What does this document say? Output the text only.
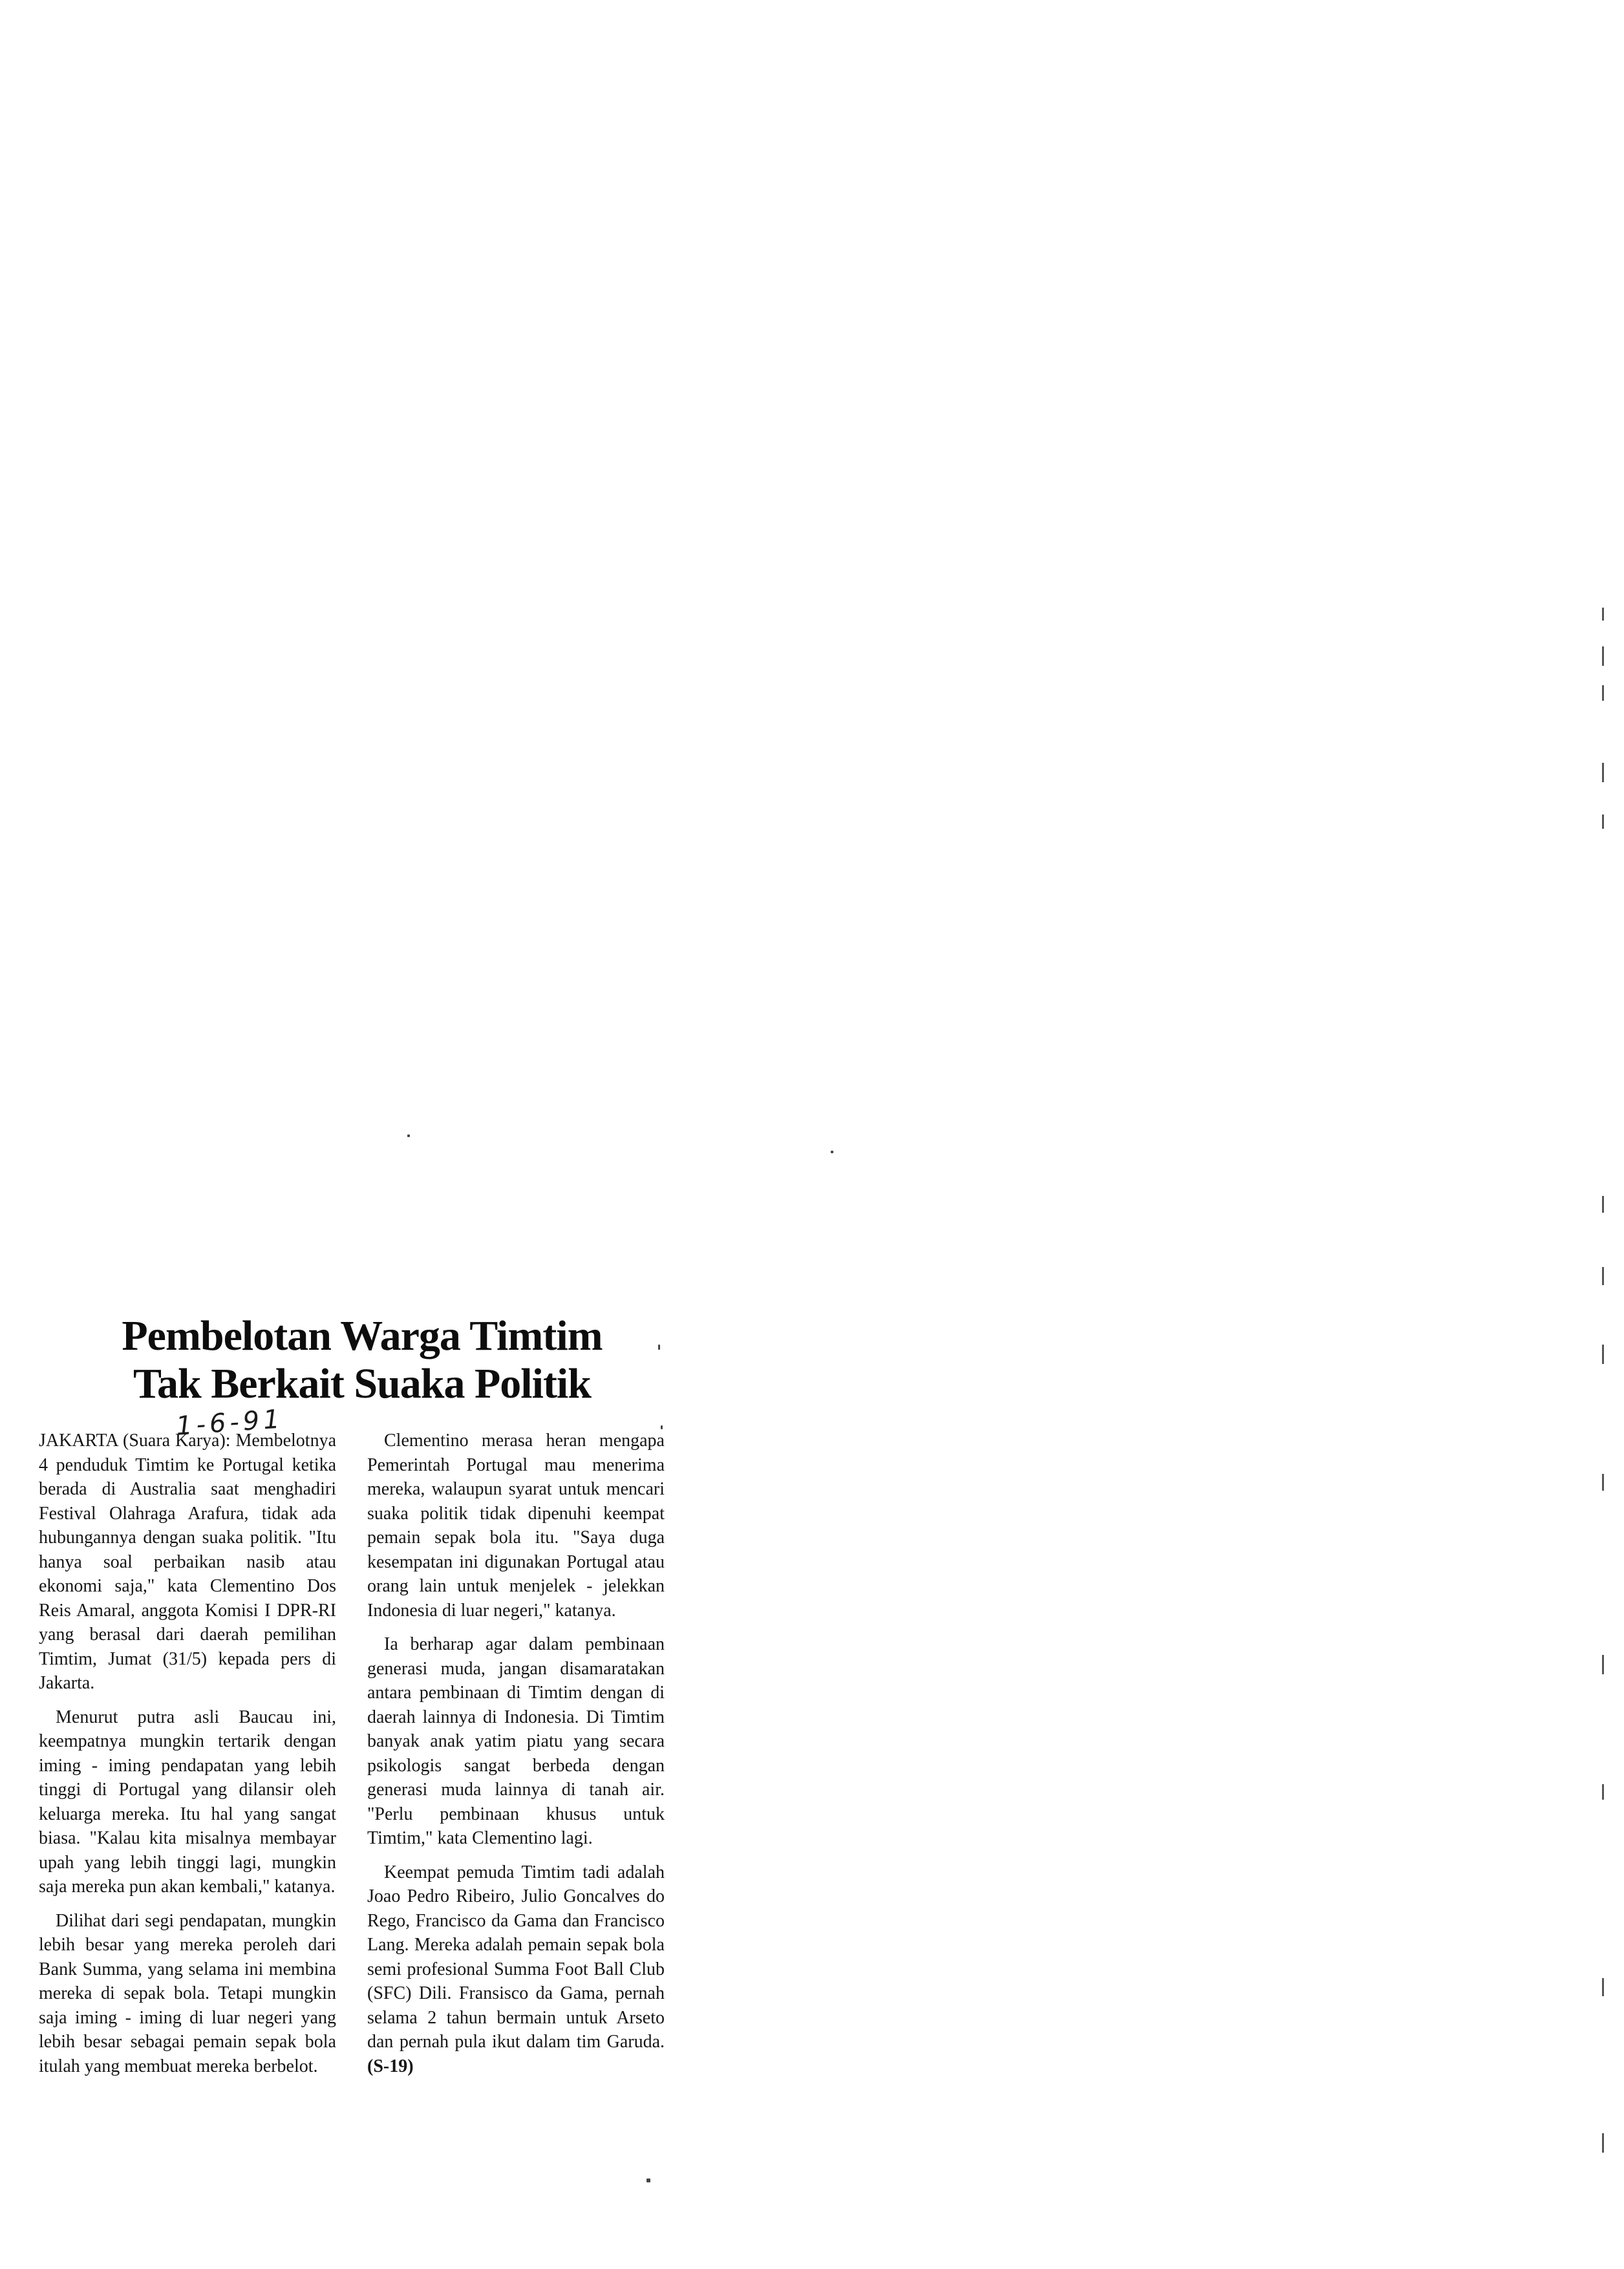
Pembelotan Warga Timtim
Tak Berkait Suaka Politik
1-6-91

JAKARTA (Suara Karya): Membelotnya 4 penduduk Timtim ke Portugal ketika berada di Australia saat menghadiri Festival Olahraga Arafura, tidak ada hubungannya dengan suaka politik. "Itu hanya soal perbaikan nasib atau ekonomi saja," kata Clementino Dos Reis Amaral, anggota Komisi I DPR-RI yang berasal dari daerah pemilihan Timtim, Jumat (31/5) kepada pers di Jakarta.

Menurut putra asli Baucau ini, keempatnya mungkin tertarik dengan iming - iming pendapatan yang lebih tinggi di Portugal yang dilansir oleh keluarga mereka. Itu hal yang sangat biasa. "Kalau kita misalnya membayar upah yang lebih tinggi lagi, mungkin saja mereka pun akan kembali," katanya.

Dilihat dari segi pendapatan, mungkin lebih besar yang mereka peroleh dari Bank Summa, yang selama ini membina mereka di sepak bola. Tetapi mungkin saja iming - iming di luar negeri yang lebih besar sebagai pemain sepak bola itulah yang membuat mereka berbelot.

Clementino merasa heran mengapa Pemerintah Portugal mau menerima mereka, walaupun syarat untuk mencari suaka politik tidak dipenuhi keempat pemain sepak bola itu. "Saya duga kesempatan ini digunakan Portugal atau orang lain untuk menjelek - jelekkan Indonesia di luar negeri," katanya.

Ia berharap agar dalam pembinaan generasi muda, jangan disamaratakan antara pembinaan di Timtim dengan di daerah lainnya di Indonesia. Di Timtim banyak anak yatim piatu yang secara psikologis sangat berbeda dengan generasi muda lainnya di tanah air. "Perlu pembinaan khusus untuk Timtim," kata Clementino lagi.

Keempat pemuda Timtim tadi adalah Joao Pedro Ribeiro, Julio Goncalves do Rego, Francisco da Gama dan Francisco Lang. Mereka adalah pemain sepak bola semi profesional Summa Foot Ball Club (SFC) Dili. Fransisco da Gama, pernah selama 2 tahun bermain untuk Arseto dan pernah pula ikut dalam tim Garuda. (S-19)
